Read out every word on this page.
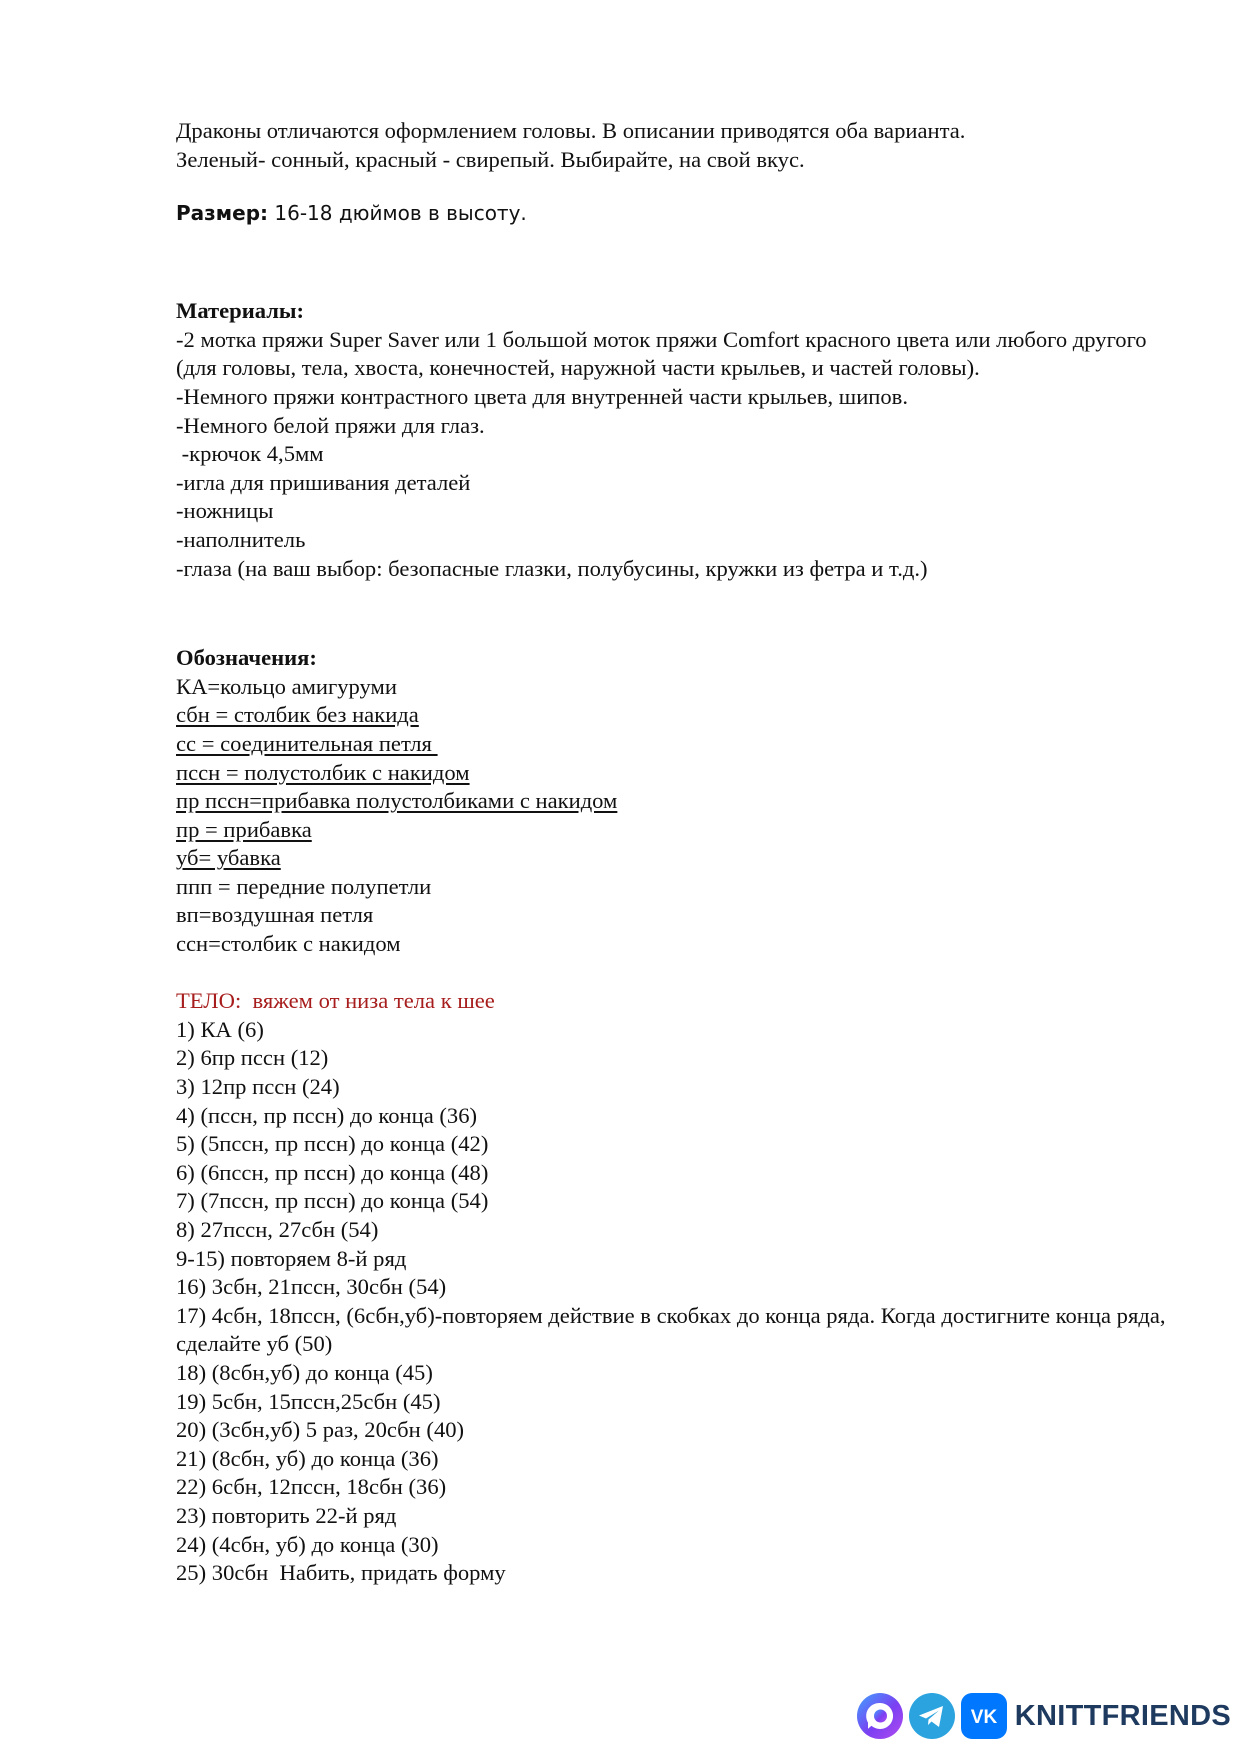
Драконы отличаются оформлением головы. В описании приводятся оба варианта.

Зеленый- сонный, красный - свирепый. Выбирайте, на свой вкус.

Размер: 16-18 дюймов в высоту.
Материалы:
-2 мотка пряжи Super Saver или 1 большой моток пряжи Comfort красного цвета или любого другого (для головы, тела, хвоста, конечностей, наружной части крыльев, и частей головы).
-Немного пряжи контрастного цвета для внутренней части крыльев, шипов.
-Немного белой пряжи для глаз.
-крючок 4,5мм
-игла для пришивания деталей
-ножницы
-наполнитель
-глаза (на ваш выбор: безопасные глазки, полубусины, кружки из фетра и т.д.)
Обозначения:
КА=кольцо амигуруми
сбн = столбик без накида
сс = соединительная петля
пссн = полустолбик с накидом
пр пссн=прибавка полустолбиками с накидом
пр = прибавка
уб= убавка
ппп = передние полупетли
вп=воздушная петля
ссн=столбик с накидом
ТЕЛО:  вяжем от низа тела к шее
1) КА (6)
2) 6пр пссн (12)
3) 12пр пссн (24)
4) (пссн, пр пссн) до конца (36)
5) (5пссн, пр пссн) до конца (42)
6) (6пссн, пр пссн) до конца (48)
7) (7пссн, пр пссн) до конца (54)
8) 27пссн, 27сбн (54)
9-15) повторяем 8-й ряд
16) 3сбн, 21пссн, 30сбн (54)
17) 4сбн, 18пссн, (6сбн,уб)-повторяем действие в скобках до конца ряда. Когда достигните конца ряда, сделайте уб (50)
18) (8сбн,уб) до конца (45)
19) 5сбн, 15пссн,25сбн (45)
20) (3сбн,уб) 5 раз, 20сбн (40)
21) (8сбн, уб) до конца (36)
22) 6сбн, 12пссн, 18сбн (36)
23) повторить 22-й ряд
24) (4сбн, уб) до конца (30)
25) 30сбн  Набить, придать форму
VK KNITTFRIENDS
